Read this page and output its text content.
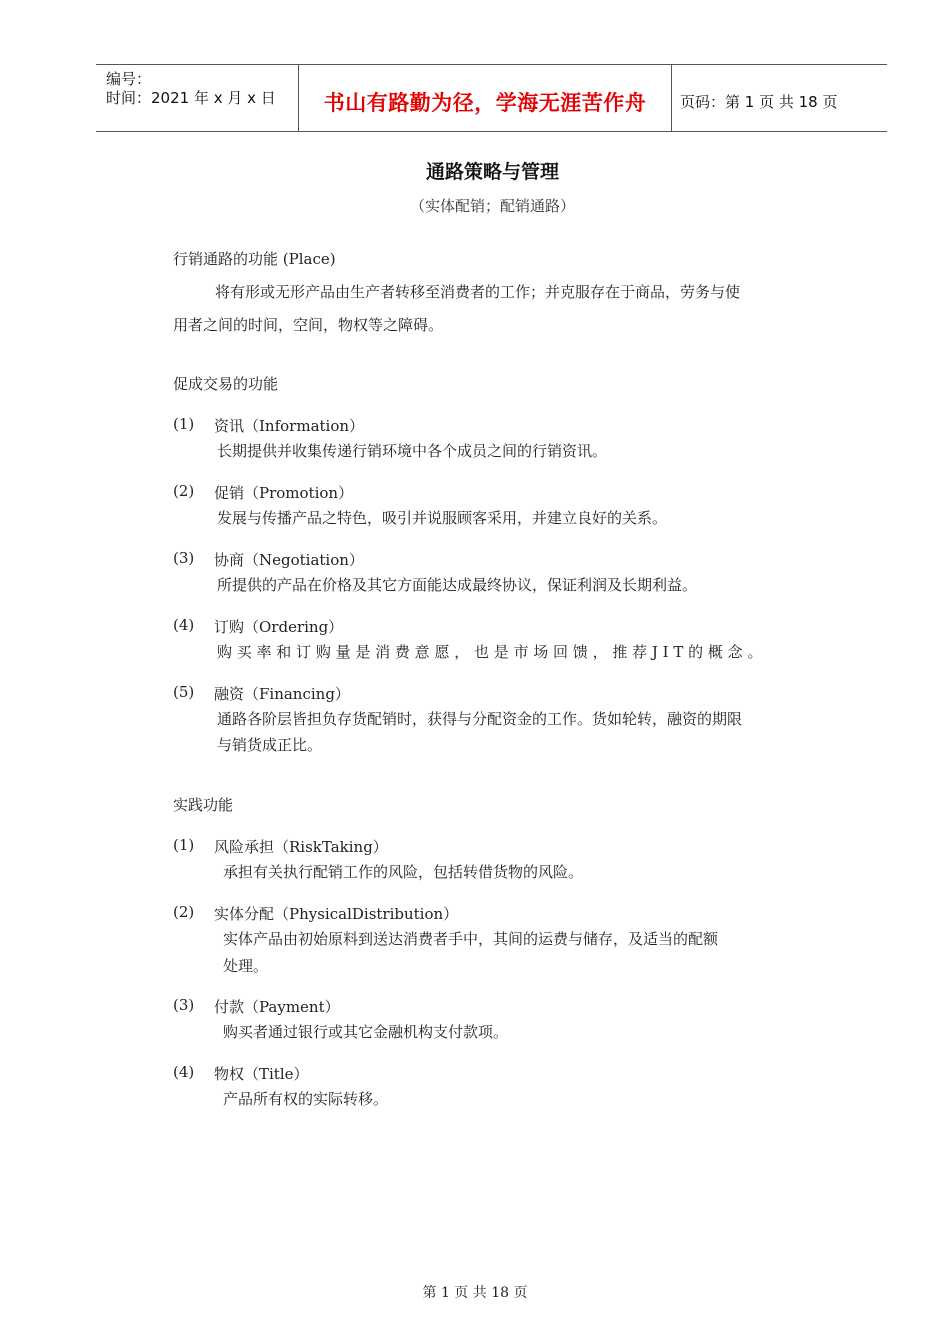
编号：
时间：2021 年 x 月 x 日	书山有路勤为径，学海无涯苦作舟	页码：第 1 页 共 18 页
通路策略与管理
（实体配销；配销通路）
行销通路的功能 (Place)
将有形或无形产品由生产者转移至消费者的工作；并克服存在于商品，劳务与使
用者之间的时间，空间，物权等之障碍。
促成交易的功能
(1) 资讯（Information）
长期提供并收集传递行销环境中各个成员之间的行销资讯。
(2) 促销（Promotion）
发展与传播产品之特色，吸引并说服顾客采用，并建立良好的关系。
(3) 协商（Negotiation）
所提供的产品在价格及其它方面能达成最终协议，保证利润及长期利益。
(4) 订购（Ordering）
购 买 率 和 订 购 量 是 消 费 意 愿 ， 也 是 市 场 回 馈 ， 推 荐 J I T 的 概 念 。
(5) 融资（Financing）
通路各阶层皆担负存货配销时，获得与分配资金的工作。货如轮转，融资的期限
与销货成正比。
实践功能
(1) 风险承担（RiskTaking）
承担有关执行配销工作的风险，包括转借货物的风险。
(2) 实体分配（PhysicalDistribution）
实体产品由初始原料到送达消费者手中，其间的运费与储存，及适当的配额
处理。
(3) 付款（Payment）
购买者通过银行或其它金融机构支付款项。
(4) 物权（Title）
产品所有权的实际转移。
第 1 页 共 18 页
